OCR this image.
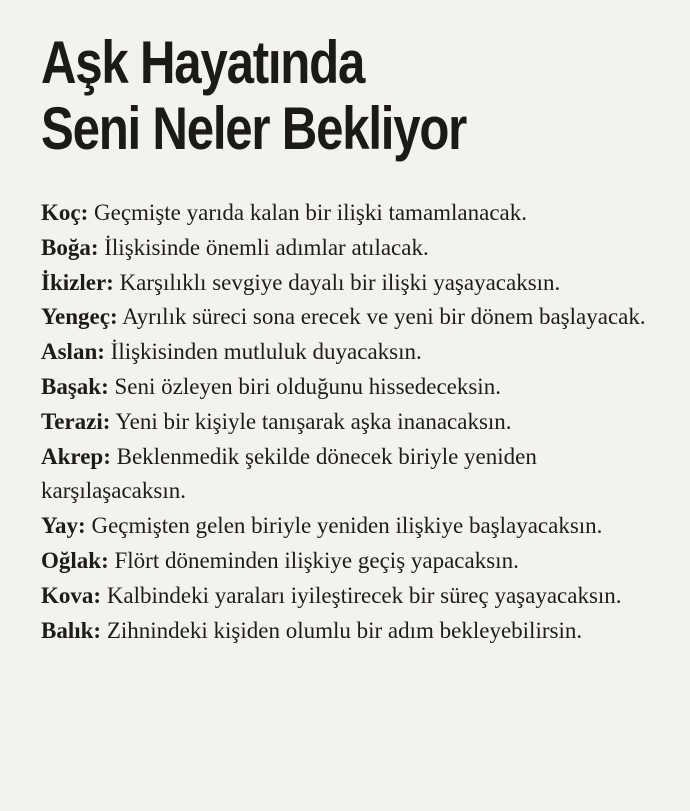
Aşk Hayatında
Seni Neler Bekliyor
Koç: Geçmişte yarıda kalan bir ilişki tamamlanacak.
Boğa: İlişkisinde önemli adımlar atılacak.
İkizler: Karşılıklı sevgiye dayalı bir ilişki yaşayacaksın.
Yengeç: Ayrılık süreci sona erecek ve yeni bir dönem başlayacak.
Aslan: İlişkisinden mutluluk duyacaksın.
Başak: Seni özleyen biri olduğunu hissedeceksin.
Terazi: Yeni bir kişiyle tanışarak aşka inanacaksın.
Akrep: Beklenmedik şekilde dönecek biriyle yeniden karşılaşacaksın.
Yay: Geçmişten gelen biriyle yeniden ilişkiye başlayacaksın.
Oğlak: Flört döneminden ilişkiye geçiş yapacaksın.
Kova: Kalbindeki yaraları iyileştirecek bir süreç yaşayacaksın.
Balık: Zihnindeki kişiden olumlu bir adım bekleyebilirsin.
